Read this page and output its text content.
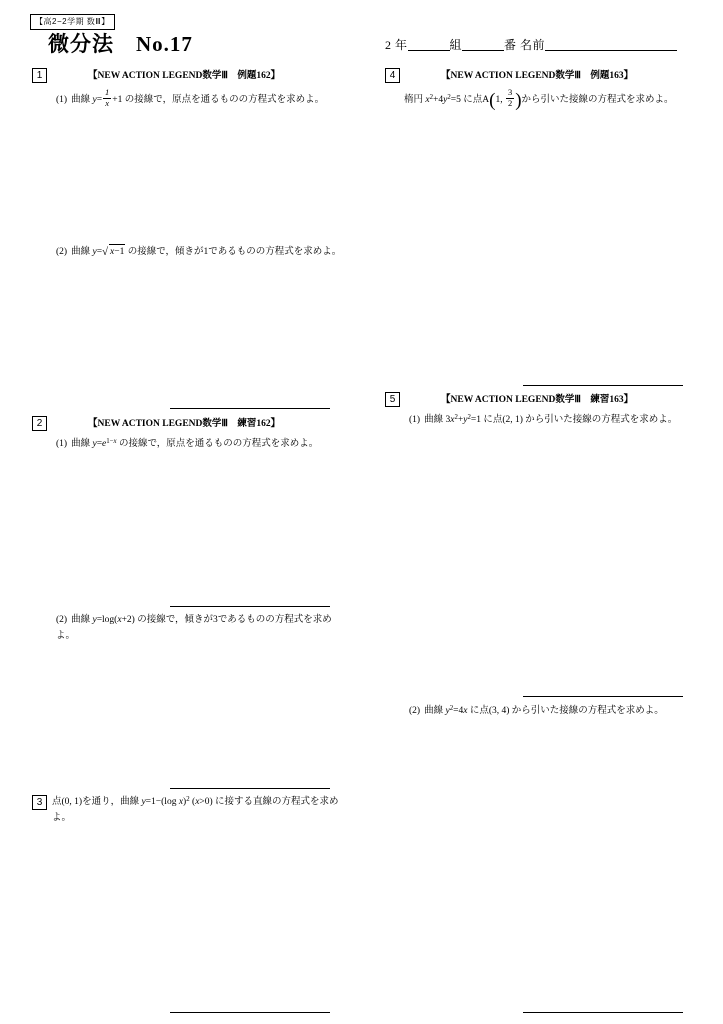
【高2−2学期 数Ⅲ】
微分法 No.17	2 年	組	番 名前
1	【NEW ACTION LEGEND数学Ⅲ　例題162】
(1) 曲線 $y= \frac{1}{x} +1$ の接線で，原点を通るものの方程式を求めよ。
(2) 曲線 y= √ x−1 の接線で，傾きが1であるものの方程式を求めよ。
2	【NEW ACTION LEGEND数学Ⅲ　練習162】
(1) 曲線 $y=e^{1-x}$ の接線で，原点を通るものの方程式を求めよ。
(2) 曲線 y=log(x+2) の接線で，傾きが3であるものの方程式を求めよ。
3	点(0, 1)を通り，曲線 y=1−(log x)$^2$ (x>0) に接する直線の方程式を求めよ。
4	【NEW ACTION LEGEND数学Ⅲ　例題163】
楕円 $x^2+4y^2=5$ に点A(1, $\frac{3}{2}$ )から引いた接線の方程式を求めよ。
5	【NEW ACTION LEGEND数学Ⅲ　練習163】
(1) 曲線 $3x^2+y^2=1$ に点(2, 1) から引いた接線の方程式を求めよ。
(2) 曲線 $y^2=4x$ に点(3, 4) から引いた接線の方程式を求めよ。
